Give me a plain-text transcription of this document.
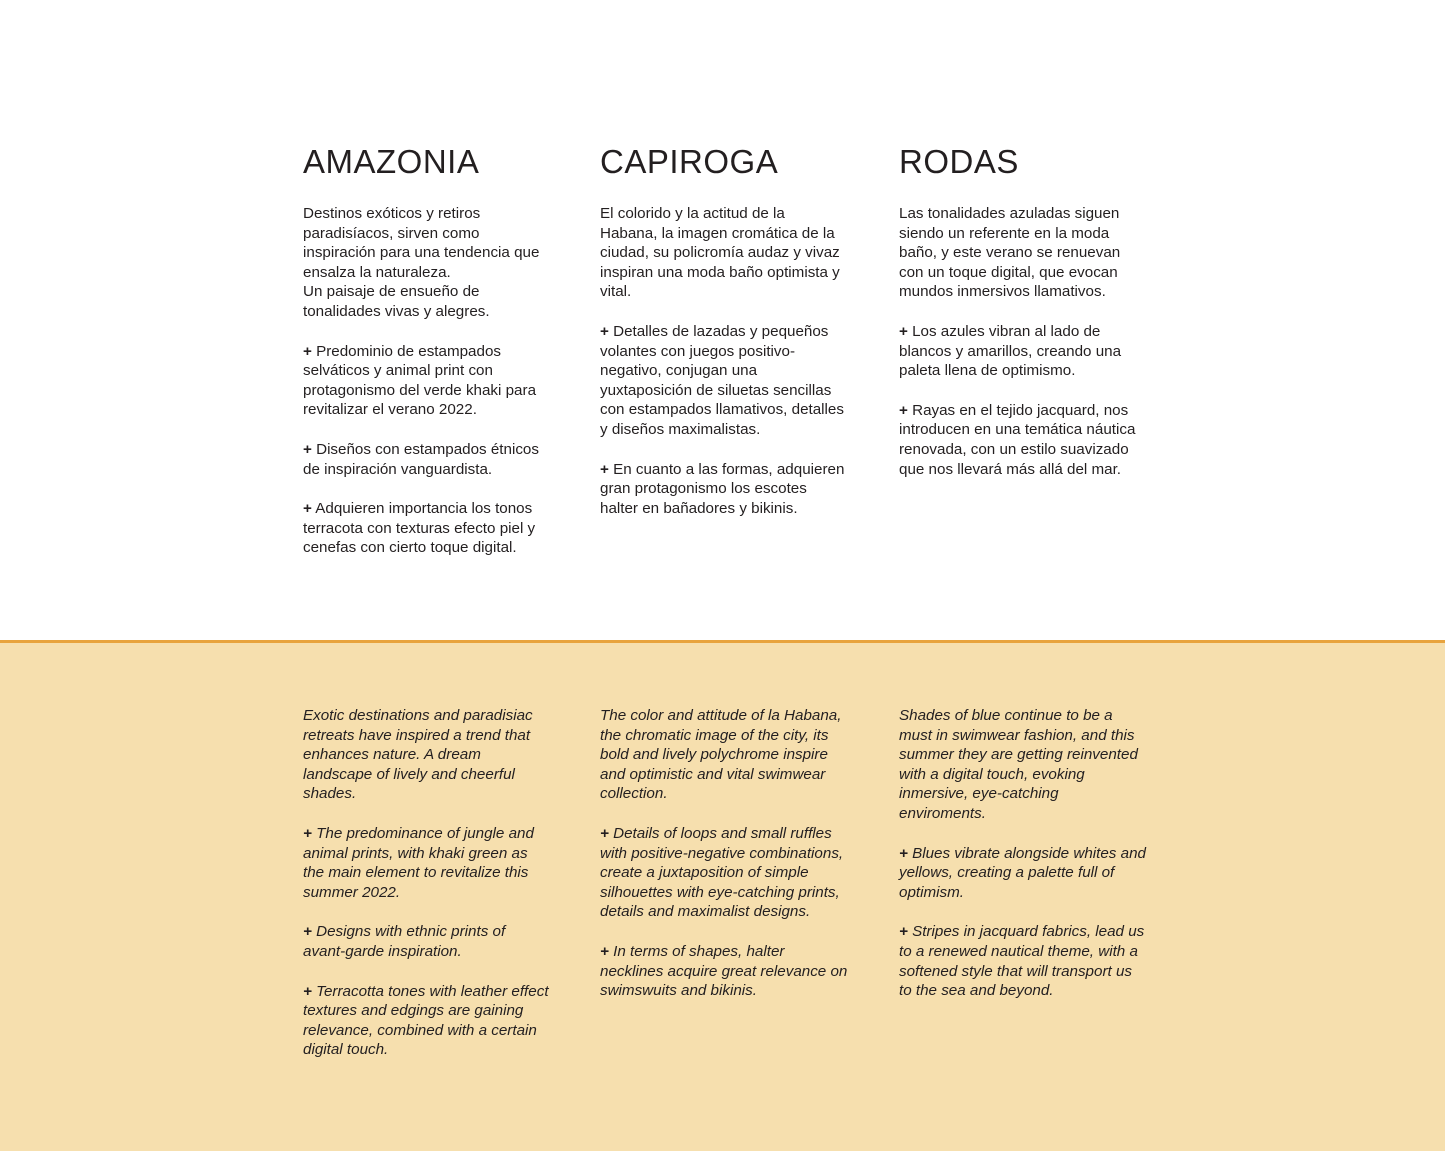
AMAZONIA

Destinos exóticos y retiros paradisíacos, sirven como inspiración para una tendencia que ensalza la naturaleza.
Un paisaje de ensueño de tonalidades vivas y alegres.

+ Predominio de estampados selváticos y animal print con protagonismo del verde khaki para revitalizar el verano 2022.

+ Diseños con estampados étnicos de inspiración vanguardista.

+ Adquieren importancia los tonos terracota con texturas efecto piel y cenefas con cierto toque digital.

CAPIROGA

El colorido y la actitud de la Habana, la imagen cromática de la ciudad, su policromía audaz y vivaz inspiran una moda baño optimista y vital.

+ Detalles de lazadas y pequeños volantes con juegos positivo-negativo, conjugan una yuxtaposición de siluetas sencillas con estampados llamativos, detalles y diseños maximalistas.

+ En cuanto a las formas, adquieren gran protagonismo los escotes halter en bañadores y bikinis.

RODAS

Las tonalidades azuladas siguen siendo un referente en la moda baño, y este verano se renuevan con un toque digital, que evocan mundos inmersivos llamativos.

+ Los azules vibran al lado de blancos y amarillos, creando una paleta llena de optimismo.

+ Rayas en el tejido jacquard, nos introducen en una temática náutica renovada, con un estilo suavizado que nos llevará más allá del mar.

Exotic destinations and paradisiac retreats have inspired a trend that enhances nature. A dream landscape of lively and cheerful shades.

+ The predominance of jungle and animal prints, with khaki green as the main element to revitalize this summer 2022.

+ Designs with ethnic prints of avant-garde inspiration.

+ Terracotta tones with leather effect textures and edgings are gaining relevance, combined with a certain digital touch.

The color and attitude of la Habana, the chromatic image of the city, its bold and lively polychrome inspire and optimistic and vital swimwear collection.

+ Details of loops and small ruffles with positive-negative combinations, create a juxtaposition of simple silhouettes with eye-catching prints, details and maximalist designs.

+ In terms of shapes, halter necklines acquire great relevance on swimswuits and bikinis.

Shades of blue continue to be a must in swimwear fashion, and this summer they are getting reinvented with a digital touch, evoking inmersive, eye-catching enviroments.

+ Blues vibrate alongside whites and yellows, creating a palette full of optimism.

+ Stripes in jacquard fabrics, lead us to a renewed nautical theme, with a softened style that will transport us to the sea and beyond.
